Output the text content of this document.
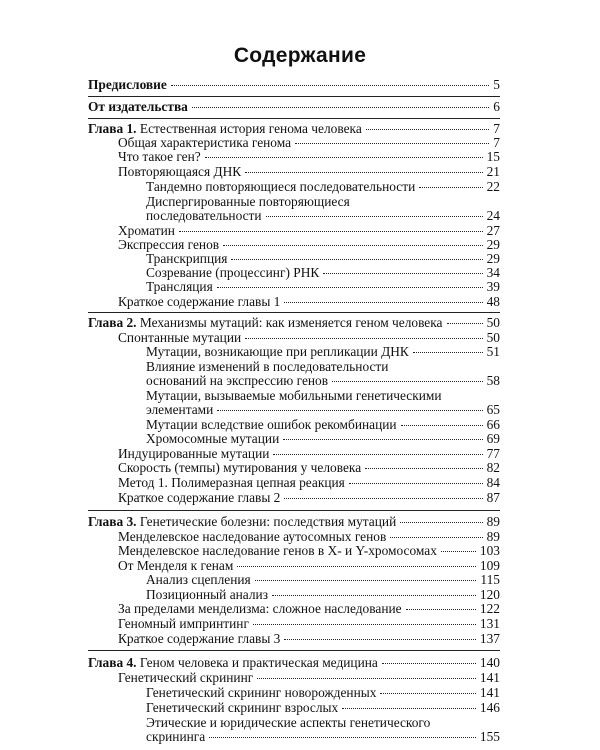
Содержание
Предисловие	5
От издательства	6
Глава 1. Естественная история генома человека	7
Общая характеристика генома	7
Что такое ген?	15
Повторяющаяся ДНК	21
Тандемно повторяющиеся последовательности	22
Диспергированные повторяющиеся
последовательности	24
Хроматин	27
Экспрессия генов	29
Транскрипция	29
Созревание (процессинг) РНК	34
Трансляция	39
Краткое содержание главы 1	48
Глава 2. Механизмы мутаций: как изменяется геном человека	50
Спонтанные мутации	50
Мутации, возникающие при репликации ДНК	51
Влияние изменений в последовательности
оснований на экспрессию генов	58
Мутации, вызываемые мобильными генетическими
элементами	65
Мутации вследствие ошибок рекомбинации	66
Хромосомные мутации	69
Индуцированные мутации	77
Скорость (темпы) мутирования у человека	82
Метод 1. Полимеразная цепная реакция	84
Краткое содержание главы 2	87
Глава 3. Генетические болезни: последствия мутаций	89
Менделевское наследование аутосомных генов	89
Менделевское наследование генов в X- и Y-хромосомах	103
От Менделя к генам	109
Анализ сцепления	115
Позиционный анализ	120
За пределами менделизма: сложное наследование	122
Геномный импринтинг	131
Краткое содержание главы 3	137
Глава 4. Геном человека и практическая медицина	140
Генетический скрининг	141
Генетический скрининг новорожденных	141
Генетический скрининг взрослых	146
Этические и юридические аспекты генетического
скрининга	155
